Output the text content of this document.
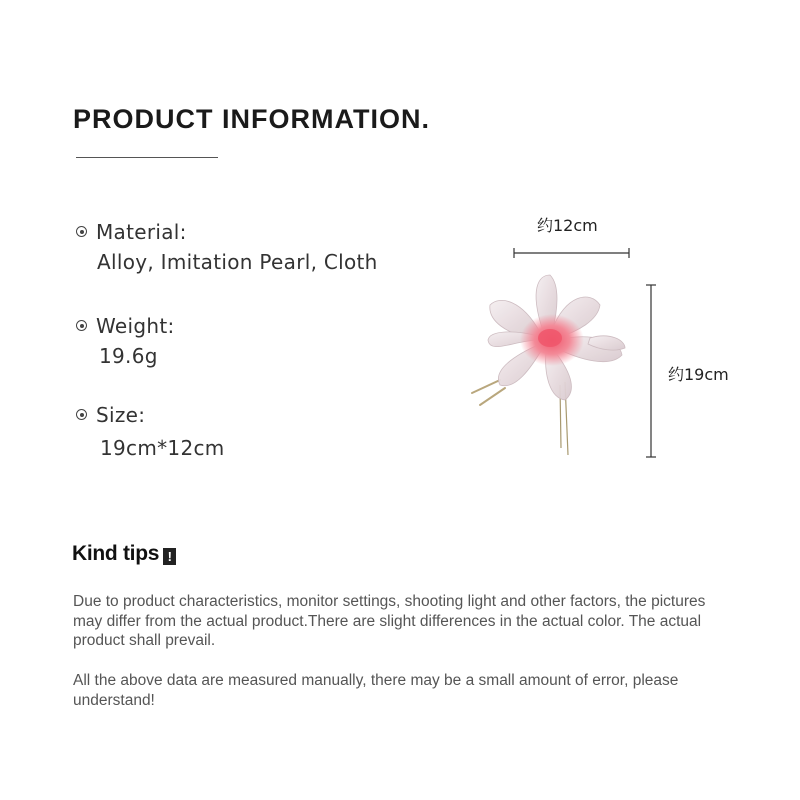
PRODUCT INFORMATION.
Material:
Alloy, Imitation Pearl, Cloth
Weight:
19.6g
Size:
19cm*12cm
约12cm
约19cm
Kind tips !

Due to product characteristics, monitor settings, shooting light and other factors, the pictures may differ from the actual product.There are slight differences in the actual color. The actual product shall prevail.

All the above data are measured manually, there may be a small amount of error, please understand!
